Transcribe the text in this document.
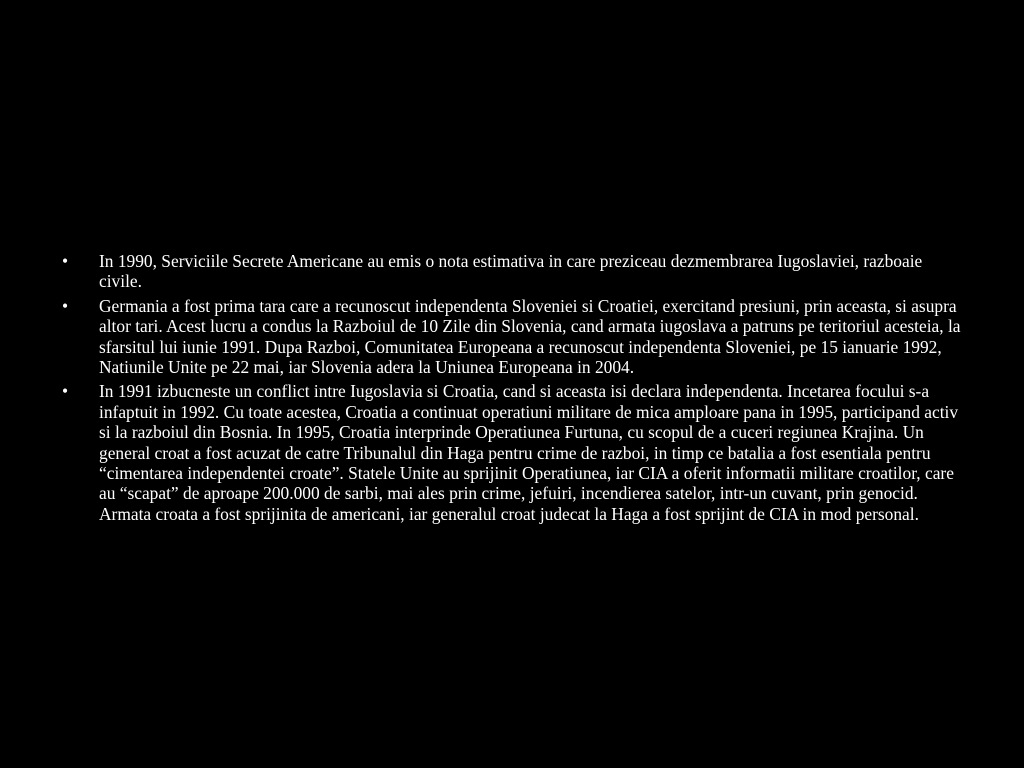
• In 1990, Serviciile Secrete Americane au emis o nota estimativa in care preziceau dezmembrarea Iugoslaviei, razboaie civile.
• Germania a fost prima tara care a recunoscut independenta Sloveniei si Croatiei, exercitand presiuni, prin aceasta, si asupra altor tari. Acest lucru a condus la Razboiul de 10 Zile din Slovenia, cand armata iugoslava a patruns pe teritoriul acesteia, la sfarsitul lui iunie 1991. Dupa Razboi, Comunitatea Europeana a recunoscut independenta Sloveniei, pe 15 ianuarie 1992, Natiunile Unite pe 22 mai, iar Slovenia adera la Uniunea Europeana in 2004.
• In 1991 izbucneste un conflict intre Iugoslavia si Croatia, cand si aceasta isi declara independenta. Incetarea focului s-a infaptuit in 1992. Cu toate acestea, Croatia a continuat operatiuni militare de mica amploare pana in 1995, participand activ si la razboiul din Bosnia. In 1995, Croatia interprinde Operatiunea Furtuna, cu scopul de a cuceri regiunea Krajina. Un general croat a fost acuzat de catre Tribunalul din Haga pentru crime de razboi, in timp ce batalia a fost esentiala pentru “cimentarea independentei croate”. Statele Unite au sprijinit Operatiunea, iar CIA a oferit informatii militare croatilor, care au “scapat” de aproape 200.000 de sarbi, mai ales prin crime, jefuiri, incendierea satelor, intr-un cuvant, prin genocid. Armata croata a fost sprijinita de americani, iar generalul croat judecat la Haga a fost sprijint de CIA in mod personal.
